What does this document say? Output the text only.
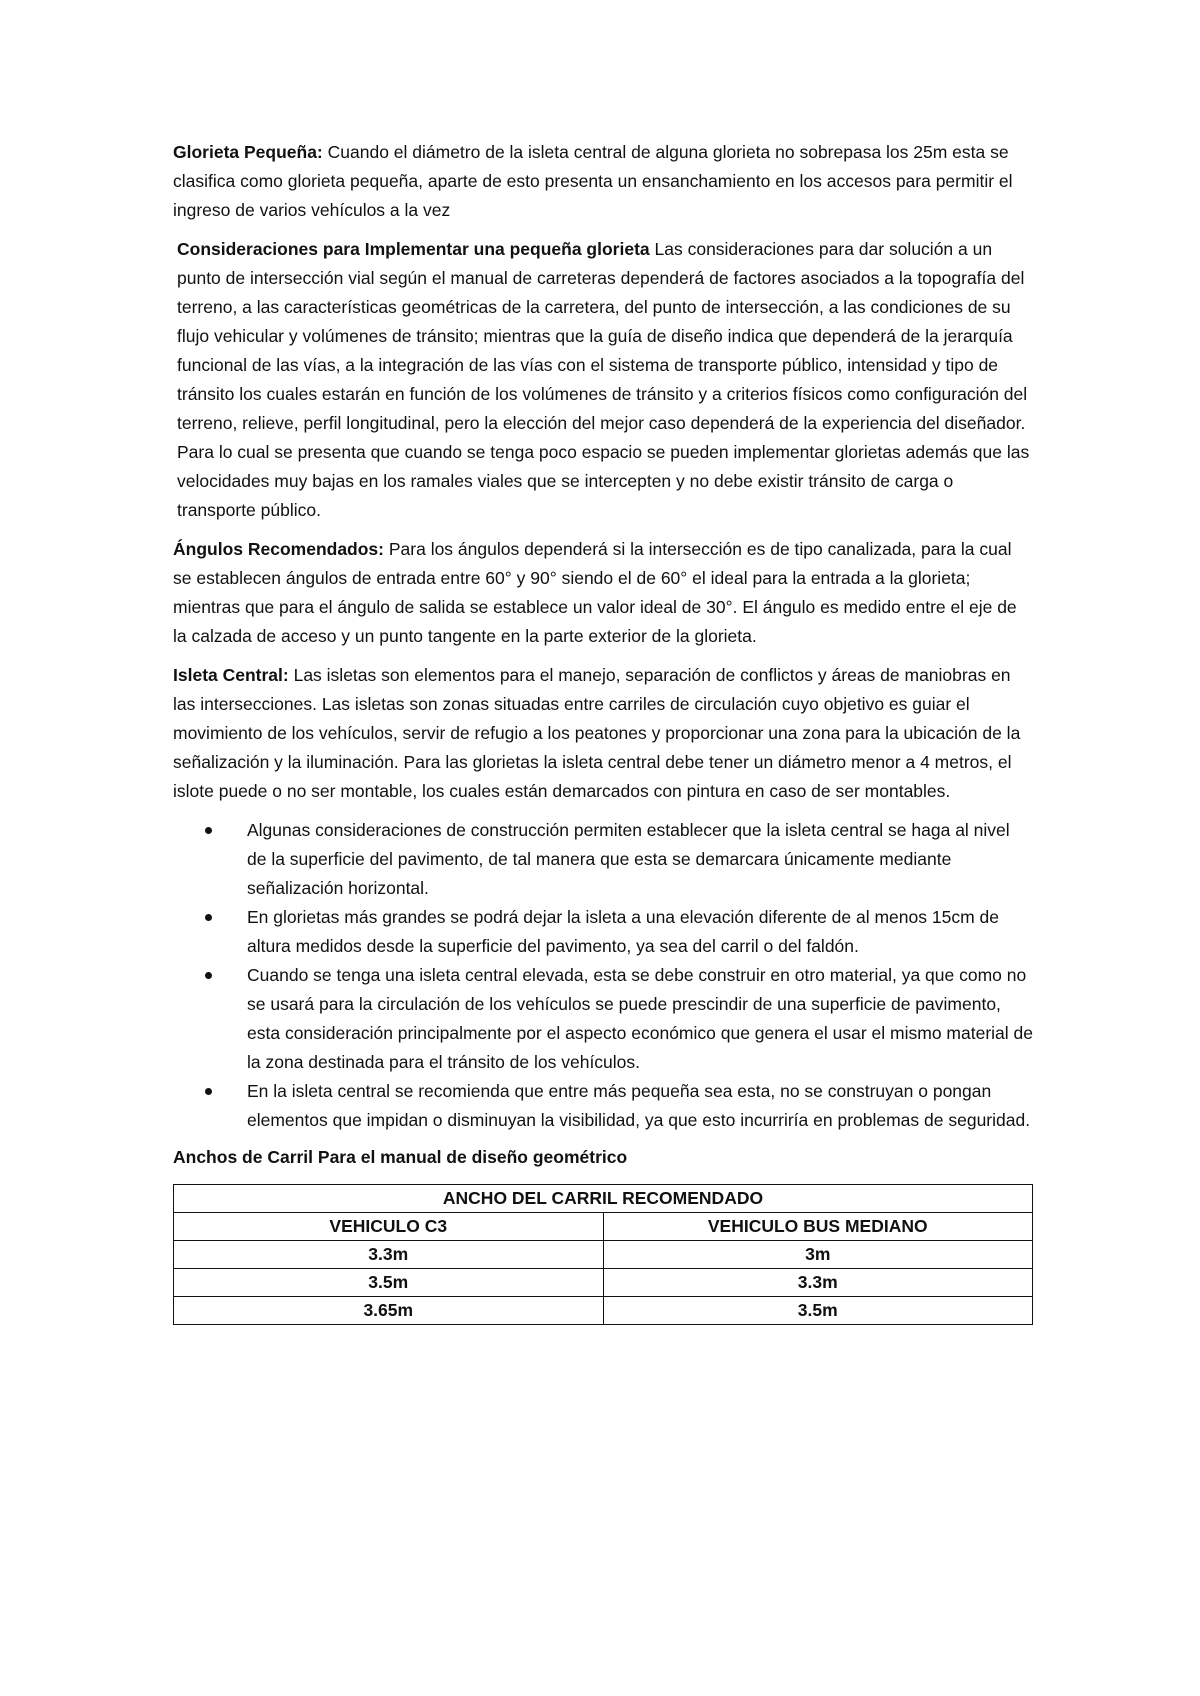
Glorieta Pequeña: Cuando el diámetro de la isleta central de alguna glorieta no sobrepasa los 25m esta se clasifica como glorieta pequeña, aparte de esto presenta un ensanchamiento en los accesos para permitir el ingreso de varios vehículos a la vez

Consideraciones para Implementar una pequeña glorieta Las consideraciones para dar solución a un punto de intersección vial según el manual de carreteras dependerá de factores asociados a la topografía del terreno, a las características geométricas de la carretera, del punto de intersección, a las condiciones de su flujo vehicular y volúmenes de tránsito; mientras que la guía de diseño indica que dependerá de la jerarquía funcional de las vías, a la integración de las vías con el sistema de transporte público, intensidad y tipo de tránsito los cuales estarán en función de los volúmenes de tránsito y a criterios físicos como configuración del terreno, relieve, perfil longitudinal, pero la elección del mejor caso dependerá de la experiencia del diseñador. Para lo cual se presenta que cuando se tenga poco espacio se pueden implementar glorietas además que las velocidades muy bajas en los ramales viales que se intercepten y no debe existir tránsito de carga o transporte público.

Ángulos Recomendados: Para los ángulos dependerá si la intersección es de tipo canalizada, para la cual se establecen ángulos de entrada entre 60° y 90° siendo el de 60° el ideal para la entrada a la glorieta; mientras que para el ángulo de salida se establece un valor ideal de 30°. El ángulo es medido entre el eje de la calzada de acceso y un punto tangente en la parte exterior de la glorieta.

Isleta Central: Las isletas son elementos para el manejo, separación de conflictos y áreas de maniobras en las intersecciones. Las isletas son zonas situadas entre carriles de circulación cuyo objetivo es guiar el movimiento de los vehículos, servir de refugio a los peatones y proporcionar una zona para la ubicación de la señalización y la iluminación. Para las glorietas la isleta central debe tener un diámetro menor a 4 metros, el islote puede o no ser montable, los cuales están demarcados con pintura en caso de ser montables.

Algunas consideraciones de construcción permiten establecer que la isleta central se haga al nivel de la superficie del pavimento, de tal manera que esta se demarcara únicamente mediante señalización horizontal.
En glorietas más grandes se podrá dejar la isleta a una elevación diferente de al menos 15cm de altura medidos desde la superficie del pavimento, ya sea del carril o del faldón.
Cuando se tenga una isleta central elevada, esta se debe construir en otro material, ya que como no se usará para la circulación de los vehículos se puede prescindir de una superficie de pavimento, esta consideración principalmente por el aspecto económico que genera el usar el mismo material de la zona destinada para el tránsito de los vehículos.
En la isleta central se recomienda que entre más pequeña sea esta, no se construyan o pongan elementos que impidan o disminuyan la visibilidad, ya que esto incurriría en problemas de seguridad.
Anchos de Carril Para el manual de diseño geométrico
ANCHO DEL CARRIL RECOMENDADO	
VEHICULO C3	VEHICULO BUS MEDIANO
3.3m	3m
3.5m	3.3m
3.65m	3.5m
